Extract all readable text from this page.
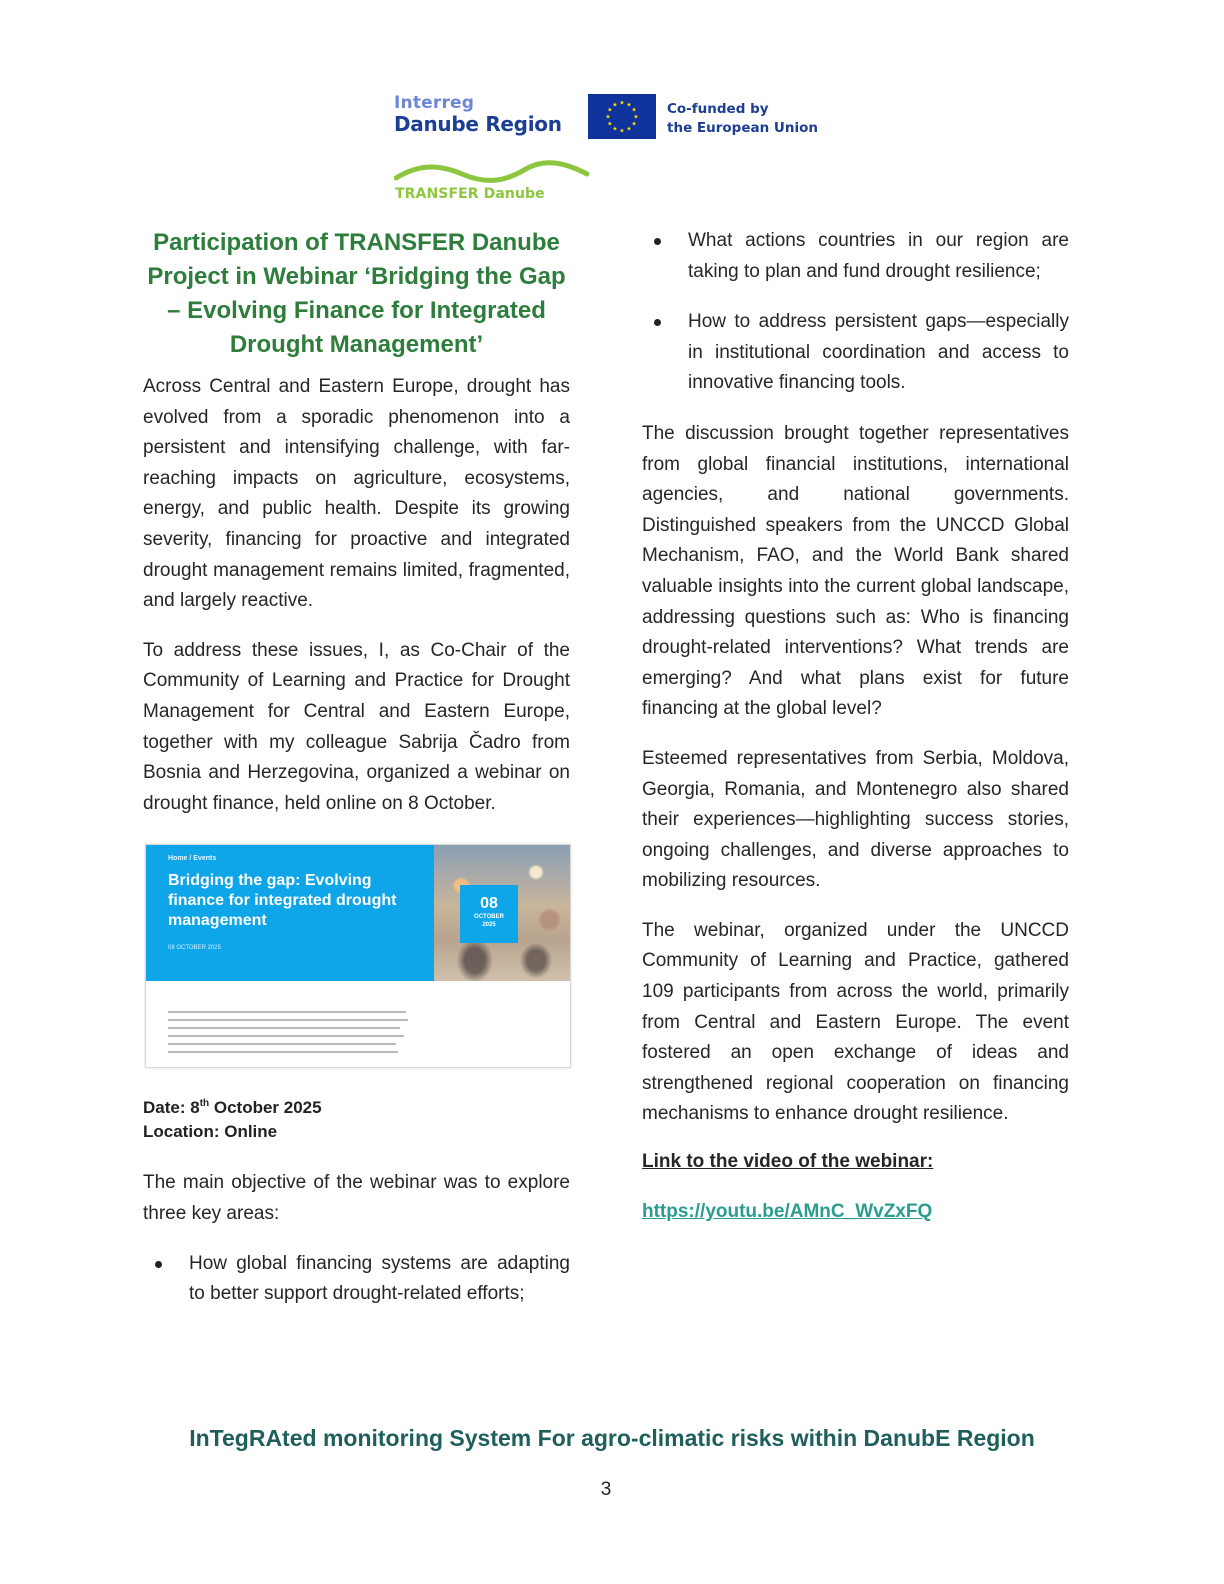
Interreg
Danube Region
★ ★
★
★
★
★
★
★
★
★
★
★	Co-funded by
the European Union
TRANSFER Danube
Participation of TRANSFER Danube Project in Webinar ‘Bridging the Gap – Evolving Finance for Integrated Drought Management’

Across Central and Eastern Europe, drought has evolved from a sporadic phenomenon into a persistent and intensifying challenge, with far-reaching impacts on agriculture, ecosystems, energy, and public health. Despite its growing severity, financing for proactive and integrated drought management remains limited, fragmented, and largely reactive.

To address these issues, I, as Co-Chair of the Community of Learning and Practice for Drought Management for Central and Eastern Europe, together with my colleague Sabrija Čadro from Bosnia and Herzegovina, organized a webinar on drought finance, held online on 8 October.

Home / Events
Bridging the gap: Evolving finance for integrated drought management
08 OCTOBER 2025
08
OCTOBER
2025
Date: 8th October 2025
Location: Online

The main objective of the webinar was to explore three key areas:

How global financing systems are adapting to better support drought-related efforts;
What actions countries in our region are taking to plan and fund drought resilience;
How to address persistent gaps—especially in institutional coordination and access to innovative financing tools.

The discussion brought together representatives from global financial institutions, international agencies, and national governments. Distinguished speakers from the UNCCD Global Mechanism, FAO, and the World Bank shared valuable insights into the current global landscape, addressing questions such as: Who is financing drought-related interventions? What trends are emerging? And what plans exist for future financing at the global level?

Esteemed representatives from Serbia, Moldova, Georgia, Romania, and Montenegro also shared their experiences—highlighting success stories, ongoing challenges, and diverse approaches to mobilizing resources.

The webinar, organized under the UNCCD Community of Learning and Practice, gathered 109 participants from across the world, primarily from Central and Eastern Europe. The event fostered an open exchange of ideas and strengthened regional cooperation on financing mechanisms to enhance drought resilience.

Link to the video of the webinar:
https://youtu.be/AMnC_WvZxFQ
InTegRAted monitoring System For agro-climatic risks within DanubE Region
3
